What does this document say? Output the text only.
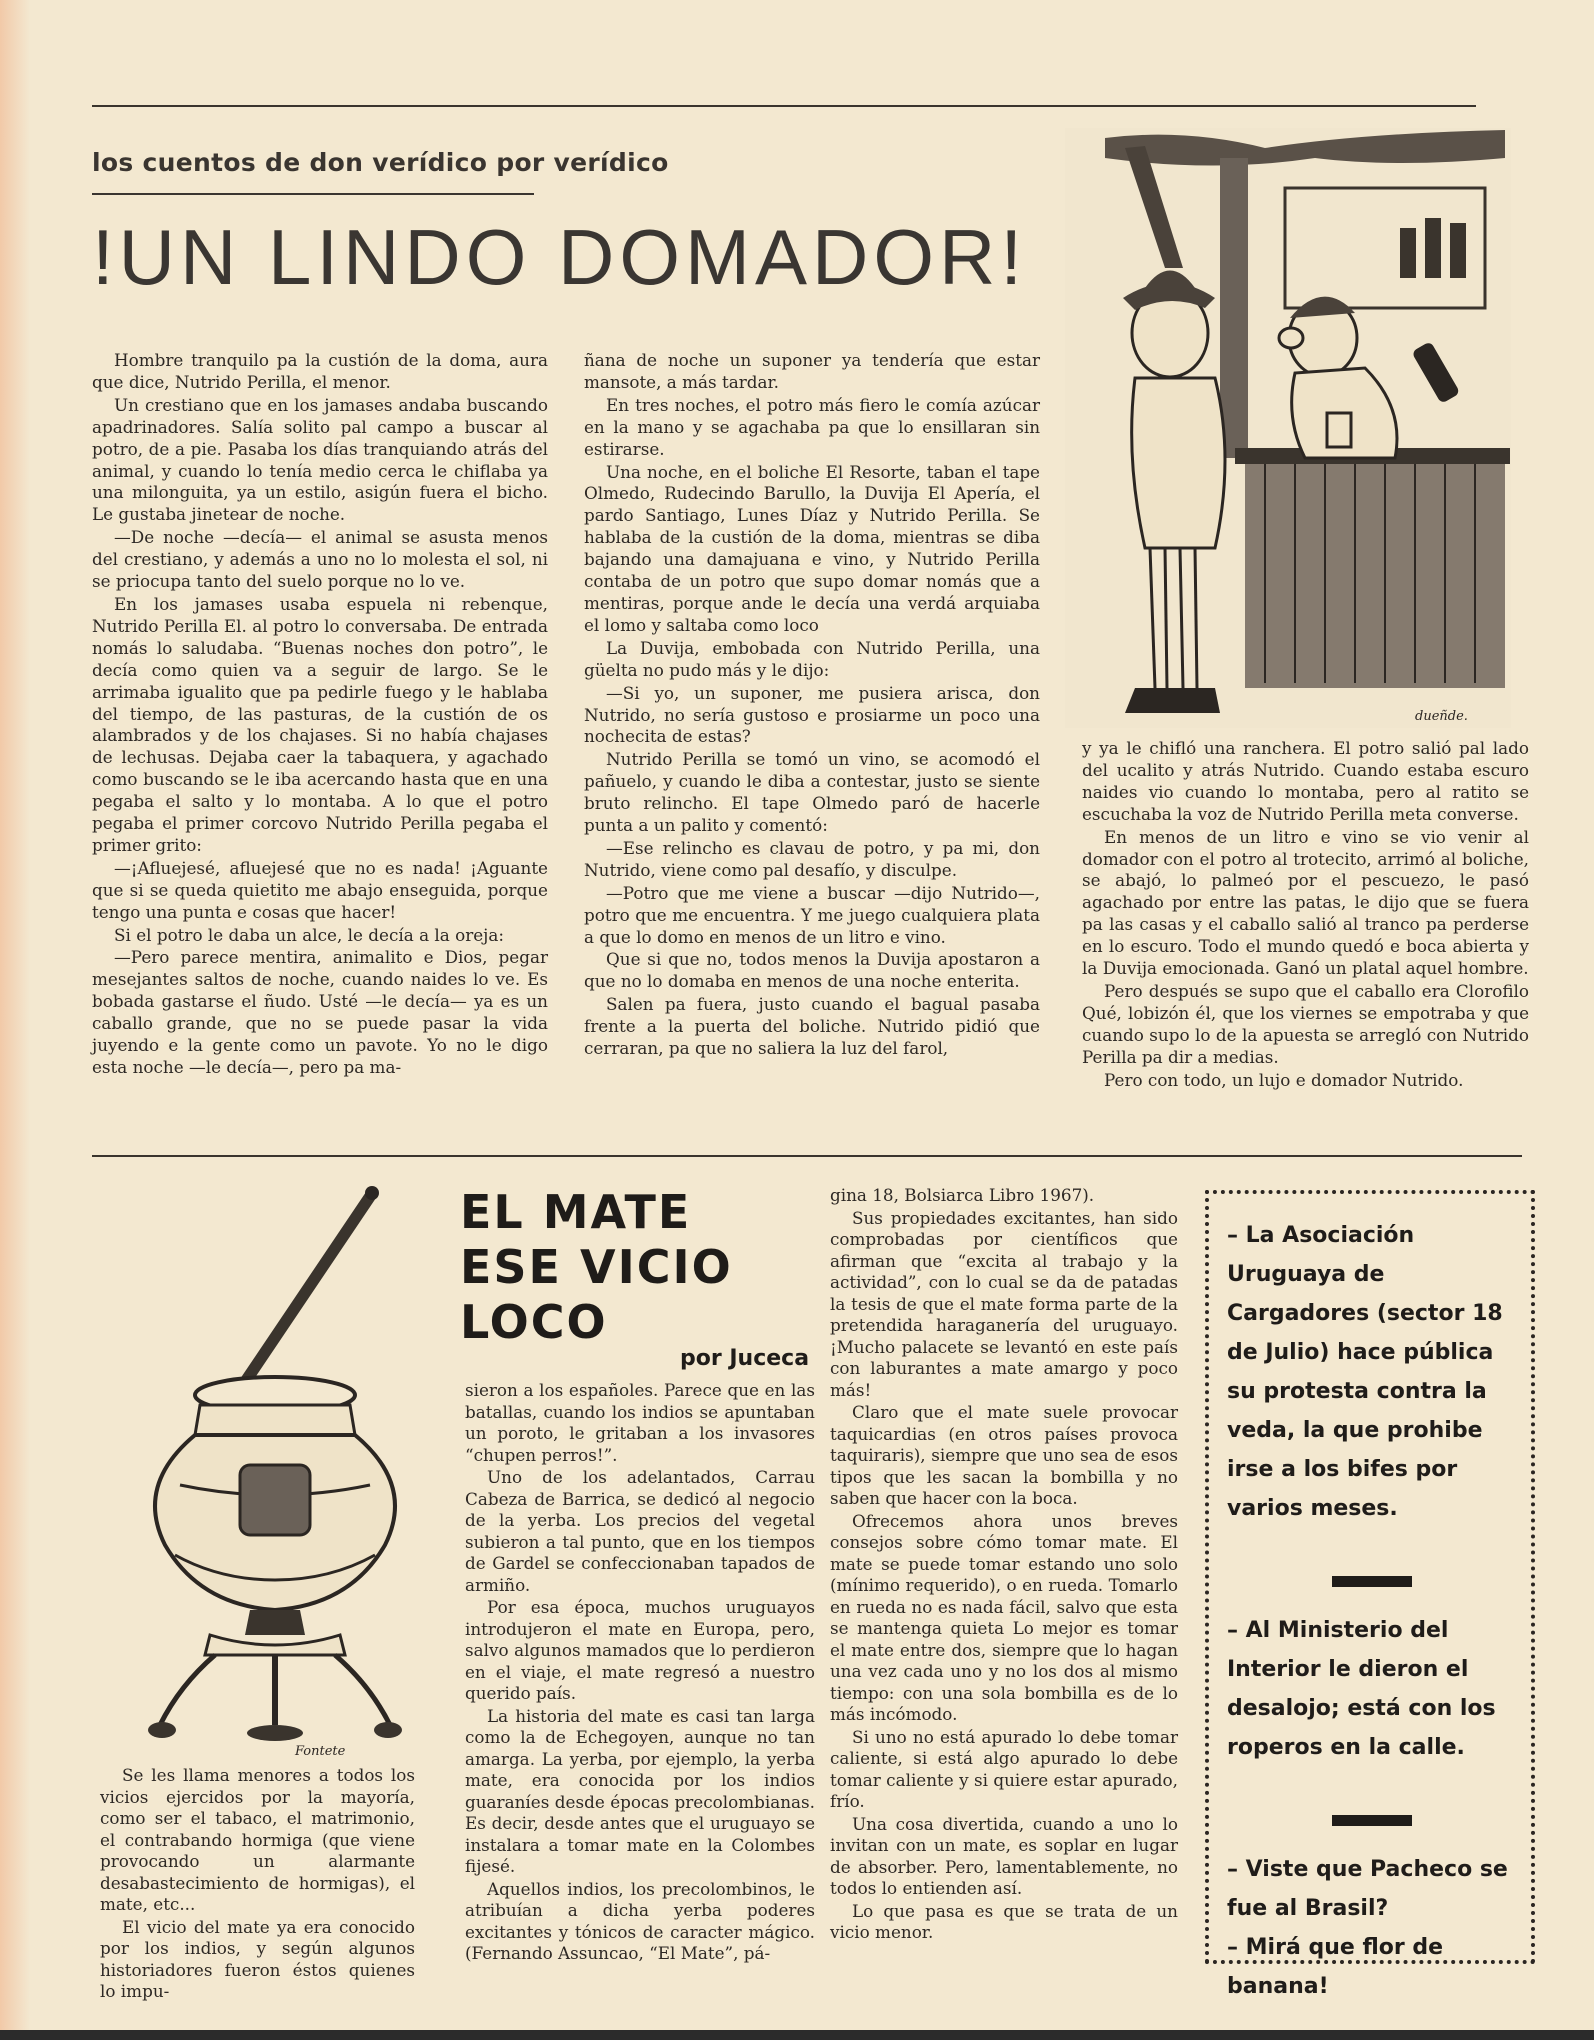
los cuentos de don verídico por verídico
!UN LINDO DOMADOR!
dueñde.

Hombre tranquilo pa la custión de la doma, aura que dice, Nutrido Perilla, el menor.

Un crestiano que en los jamases andaba buscando apadrinadores. Salía solito pal campo a buscar al potro, de a pie. Pasaba los días tranquiando atrás del animal, y cuando lo tenía medio cerca le chiflaba ya una milonguita, ya un estilo, asigún fuera el bicho. Le gustaba jinetear de noche.

—De noche —decía— el animal se asusta menos del crestiano, y además a uno no lo molesta el sol, ni se priocupa tanto del suelo porque no lo ve.

En los jamases usaba espuela ni rebenque, Nutrido Perilla El. al potro lo conversaba. De entrada nomás lo saludaba. “Buenas noches don potro”, le decía como quien va a seguir de largo. Se le arrimaba igualito que pa pedirle fuego y le hablaba del tiempo, de las pasturas, de la custión de os alambrados y de los chajases. Si no había chajases de lechusas. Dejaba caer la tabaquera, y agachado como buscando se le iba acercando hasta que en una pegaba el salto y lo montaba. A lo que el potro pegaba el primer corcovo Nutrido Perilla pegaba el primer grito:

—¡Afluejesé, afluejesé que no es nada! ¡Aguante que si se queda quietito me abajo enseguida, porque tengo una punta e cosas que hacer!

Si el potro le daba un alce, le decía a la oreja:

—Pero parece mentira, animalito e Dios, pegar mesejantes saltos de noche, cuando naides lo ve. Es bobada gastarse el ñudo. Usté —le decía— ya es un caballo grande, que no se puede pasar la vida juyendo e la gente como un pavote. Yo no le digo esta noche —le decía—, pero pa ma-

ñana de noche un suponer ya tendería que estar mansote, a más tardar.

En tres noches, el potro más fiero le comía azúcar en la mano y se agachaba pa que lo ensillaran sin estirarse.

Una noche, en el boliche El Resorte, taban el tape Olmedo, Rudecindo Barullo, la Duvija El Apería, el pardo Santiago, Lunes Díaz y Nutrido Perilla. Se hablaba de la custión de la doma, mientras se diba bajando una damajuana e vino, y Nutrido Perilla contaba de un potro que supo domar nomás que a mentiras, porque ande le decía una verdá arquiaba el lomo y saltaba como loco

La Duvija, embobada con Nutrido Perilla, una güelta no pudo más y le dijo:

—Si yo, un suponer, me pusiera arisca, don Nutrido, no sería gustoso e prosiarme un poco una nochecita de estas?

Nutrido Perilla se tomó un vino, se acomodó el pañuelo, y cuando le diba a contestar, justo se siente bruto relincho. El tape Olmedo paró de hacerle punta a un palito y comentó:

—Ese relincho es clavau de potro, y pa mi, don Nutrido, viene como pal desafío, y disculpe.

—Potro que me viene a buscar —dijo Nutrido—, potro que me encuentra. Y me juego cualquiera plata a que lo domo en menos de un litro e vino.

Que si que no, todos menos la Duvija apostaron a que no lo domaba en menos de una noche enterita.

Salen pa fuera, justo cuando el bagual pasaba frente a la puerta del boliche. Nutrido pidió que cerraran, pa que no saliera la luz del farol,

y ya le chifló una ranchera. El potro salió pal lado del ucalito y atrás Nutrido. Cuando estaba escuro naides vio cuando lo montaba, pero al ratito se escuchaba la voz de Nutrido Perilla meta converse.

En menos de un litro e vino se vio venir al domador con el potro al trotecito, arrimó al boliche, se abajó, lo palmeó por el pescuezo, le pasó agachado por entre las patas, le dijo que se fuera pa las casas y el caballo salió al tranco pa perderse en lo escuro. Todo el mundo quedó e boca abierta y la Duvija emocionada. Ganó un platal aquel hombre.

Pero después se supo que el caballo era Clorofilo Qué, lobizón él, que los viernes se empotraba y que cuando supo lo de la apuesta se arregló con Nutrido Perilla pa dir a medias.

Pero con todo, un lujo e domador Nutrido.

Fontete
EL MATE
ESE VICIO
LOCO
por Juceca

Se les llama menores a todos los vicios ejercidos por la mayoría, como ser el tabaco, el matrimonio, el contrabando hormiga (que viene provocando un alarmante desabastecimiento de hormigas), el mate, etc...

El vicio del mate ya era conocido por los indios, y según algunos historiadores fueron éstos quienes lo impu-

sieron a los españoles. Parece que en las batallas, cuando los indios se apuntaban un poroto, le gritaban a los invasores “chupen perros!”.

Uno de los adelantados, Carrau Cabeza de Barrica, se dedicó al negocio de la yerba. Los precios del vegetal subieron a tal punto, que en los tiempos de Gardel se confeccionaban tapados de armiño.

Por esa época, muchos uruguayos introdujeron el mate en Europa, pero, salvo algunos mamados que lo perdieron en el viaje, el mate regresó a nuestro querido país.

La historia del mate es casi tan larga como la de Echegoyen, aunque no tan amarga. La yerba, por ejemplo, la yerba mate, era conocida por los indios guaraníes desde épocas precolombianas. Es decir, desde antes que el uruguayo se instalara a tomar mate en la Colombes fijesé.

Aquellos indios, los precolombinos, le atribuían a dicha yerba poderes excitantes y tónicos de caracter mágico. (Fernando Assuncao, “El Mate”, pá-

gina 18, Bolsiarca Libro 1967).

Sus propiedades excitantes, han sido comprobadas por científicos que afirman que “excita al trabajo y la actividad”, con lo cual se da de patadas la tesis de que el mate forma parte de la pretendida haraganería del uruguayo. ¡Mucho palacete se levantó en este país con laburantes a mate amargo y poco más!

Claro que el mate suele provocar taquicardias (en otros países provoca taquiraris), siempre que uno sea de esos tipos que les sacan la bombilla y no saben que hacer con la boca.

Ofrecemos ahora unos breves consejos sobre cómo tomar mate. El mate se puede tomar estando uno solo (mínimo requerido), o en rueda. Tomarlo en rueda no es nada fácil, salvo que esta se mantenga quieta Lo mejor es tomar el mate entre dos, siempre que lo hagan una vez cada uno y no los dos al mismo tiempo: con una sola bombilla es de lo más incómodo.

Si uno no está apurado lo debe tomar caliente, si está algo apurado lo debe tomar caliente y si quiere estar apurado, frío.

Una cosa divertida, cuando a uno lo invitan con un mate, es soplar en lugar de absorber. Pero, lamentablemente, no todos lo entienden así.

Lo que pasa es que se trata de un vicio menor.

– La Asociación Uruguaya de Cargadores (sector 18 de Julio) hace pública su protesta contra la veda, la que prohibe irse a los bifes por varios meses.
– Al Ministerio del Interior le dieron el desalojo; está con los roperos en la calle.
– Viste que Pacheco se fue al Brasil?
– Mirá que flor de banana!
